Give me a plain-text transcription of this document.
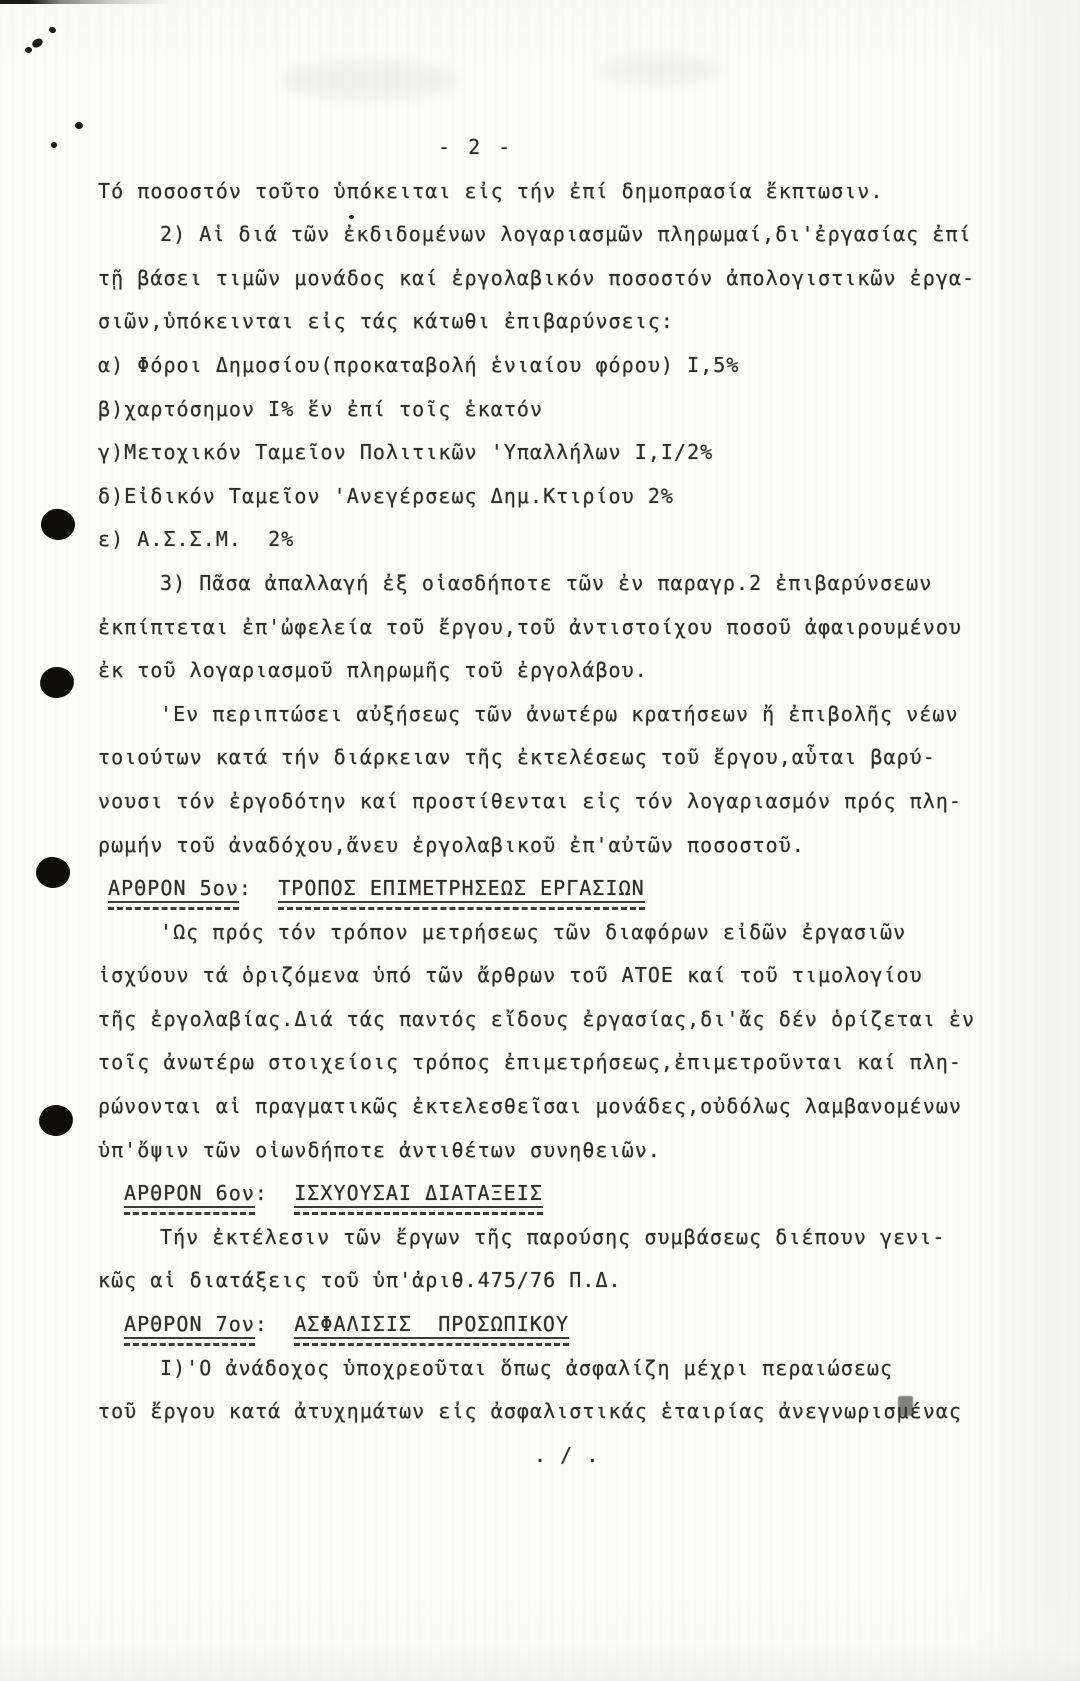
- 2 -
Τό ποσοστόν τοῦτο ὑπόκειται εἰς τήν ἐπί δημοπρασία ἔκπτωσιν.
2) Αἱ διά τῶν ἐκδιδομένων λογαριασμῶν πληρωμαί,δι'ἐργασίας ἐπί
τῇ βάσει τιμῶν μονάδος καί ἐργολαβικόν ποσοστόν ἀπολογιστικῶν ἐργα-
σιῶν,ὑπόκεινται εἰς τάς κάτωθι ἐπιβαρύνσεις:
α) Φόροι Δημοσίου(προκαταβολή ἑνιαίου φόρου) Ι,5%
β)χαρτόσημον Ι% ἕν ἐπί τοῖς ἑκατόν
γ)Μετοχικόν Ταμεῖον Πολιτικῶν 'Υπαλλήλων Ι,Ι/2%
δ)Εἰδικόν Ταμεῖον 'Ανεγέρσεως Δημ.Κτιρίου 2%
ε) Α.Σ.Σ.Μ.  2%
3) Πᾶσα ἀπαλλαγή ἐξ οἱασδήποτε τῶν ἐν παραγρ.2 ἐπιβαρύνσεων
ἐκπίπτεται ἐπ'ὠφελεία τοῦ ἔργου,τοῦ ἀντιστοίχου ποσοῦ ἀφαιρουμένου
ἐκ τοῦ λογαριασμοῦ πληρωμῆς τοῦ ἐργολάβου.
'Εν περιπτώσει αὐξήσεως τῶν ἀνωτέρω κρατήσεων ἤ ἐπιβολῆς νέων
τοιούτων κατά τήν διάρκειαν τῆς ἐκτελέσεως τοῦ ἔργου,αὗται βαρύ-
νουσι τόν ἐργοδότην καί προστίθενται εἰς τόν λογαριασμόν πρός πλη-
ρωμήν τοῦ ἀναδόχου,ἄνευ ἐργολαβικοῦ ἐπ'αὐτῶν ποσοστοῦ.
ΑΡΘΡΟΝ 5ον:  ΤΡΟΠΟΣ ΕΠΙΜΕΤΡΗΣΕΩΣ ΕΡΓΑΣΙΩΝ
'Ως πρός τόν τρόπον μετρήσεως τῶν διαφόρων εἰδῶν ἐργασιῶν
ἰσχύουν τά ὁριζόμενα ὑπό τῶν ἄρθρων τοῦ ΑΤΟΕ καί τοῦ τιμολογίου
τῆς ἐργολαβίας.Διά τάς παντός εἴδους ἐργασίας,δι'ἄς δέν ὁρίζεται ἐν
τοῖς ἀνωτέρω στοιχείοις τρόπος ἐπιμετρήσεως,ἐπιμετροῦνται καί πλη-
ρώνονται αἱ πραγματικῶς ἐκτελεσθεῖσαι μονάδες,οὐδόλως λαμβανομένων
ὑπ'ὄψιν τῶν οἱωνδήποτε ἀντιθέτων συνηθειῶν.
ΑΡΘΡΟΝ 6ον:  ΙΣΧΥΟΥΣΑΙ ΔΙΑΤΑΞΕΙΣ
Τήν ἐκτέλεσιν τῶν ἔργων τῆς παρούσης συμβάσεως διέπουν γενι-
κῶς αἱ διατάξεις τοῦ ὑπ'ἀριθ.475/76 Π.Δ.
ΑΡΘΡΟΝ 7ον:  ΑΣΦΑΛΙΣΙΣ  ΠΡΟΣΩΠΙΚΟΥ
Ι)'Ο ἀνάδοχος ὑποχρεοῦται ὅπως ἀσφαλίζη μέχρι περαιώσεως
τοῦ ἔργου κατά ἀτυχημάτων εἰς ἀσφαλιστικάς ἑταιρίας ἀνεγνωρισμένας
. / .
